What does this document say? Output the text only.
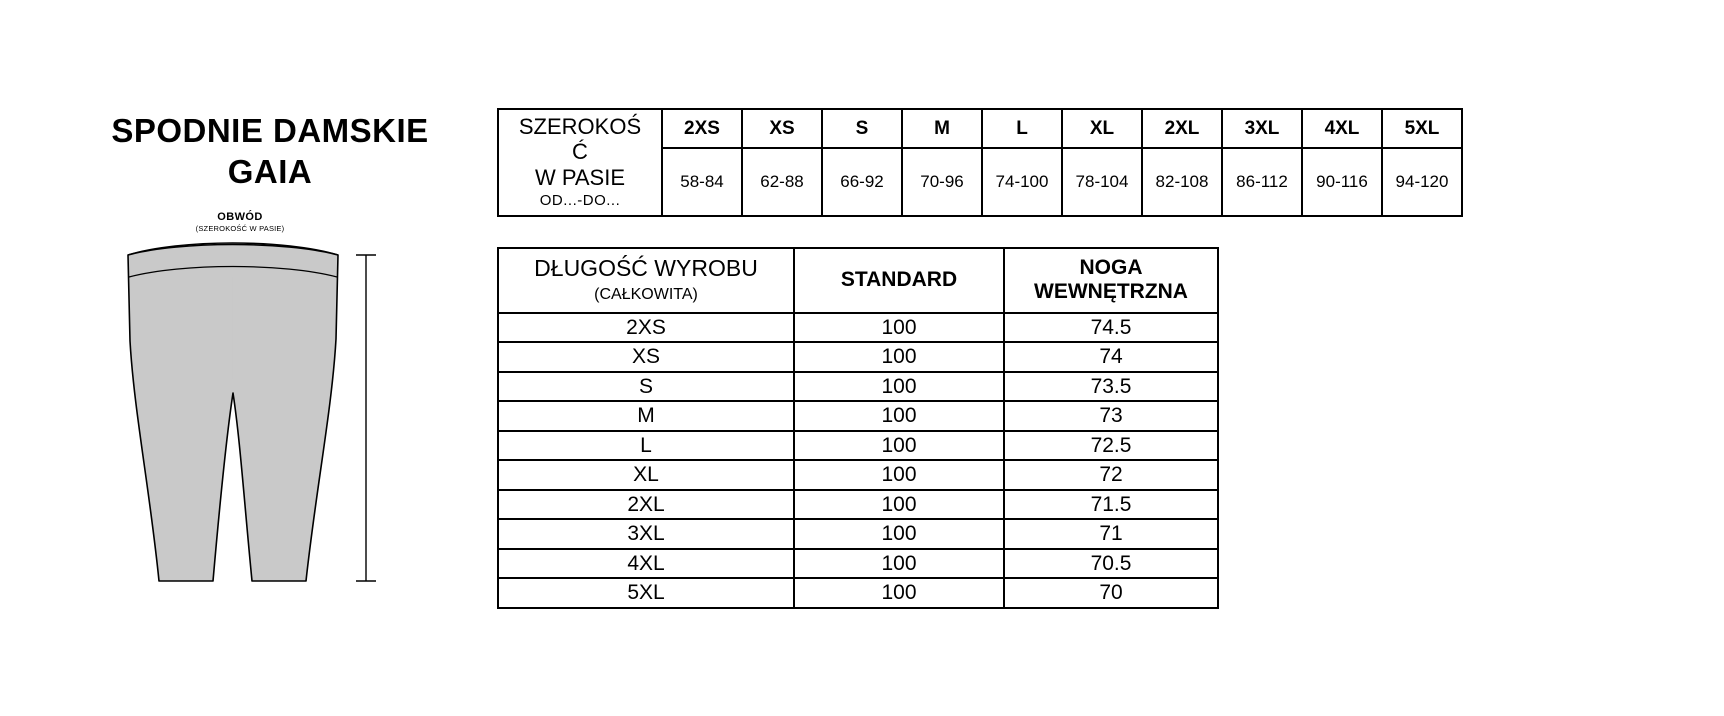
SPODNIE DAMSKIE
GAIA
OBWÓD
(SZEROKOŚĆ W PASIE)
SZEROKOŚ
Ć
W PASIE
OD...-DO...	2XS	XS	S	M	L	XL	2XL	3XL	4XL	5XL
	58-84	62-88	66-92	70-96	74-100	78-104	82-108	86-112	90-116	94-120
DŁUGOŚĆ WYROBU
(CAŁKOWITA)	STANDARD	NOGA WEWNĘTRZNA
2XS	100	74.5
XS	100	74
S	100	73.5
M	100	73
L	100	72.5
XL	100	72
2XL	100	71.5
3XL	100	71
4XL	100	70.5
5XL	100	70
